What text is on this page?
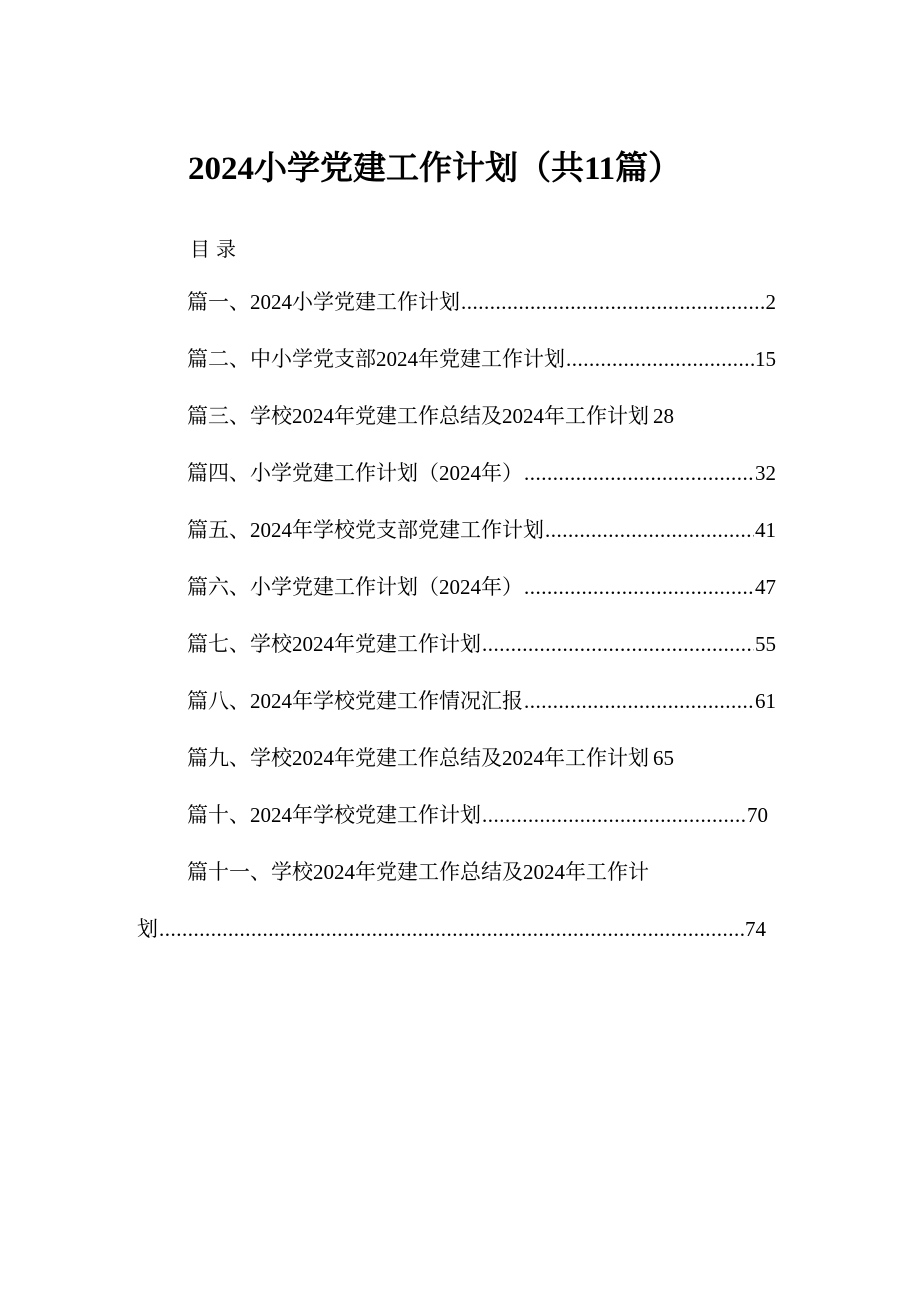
2024小学党建工作计划（共11篇）
目录
篇一、2024小学党建工作计划 .....	2
篇二、中小学党支部2024年党建工作计划 .....	15
篇三、学校2024年党建工作总结及2024年工作计划 28
篇四、小学党建工作计划（2024年） .....	32
篇五、2024年学校党支部党建工作计划 .....	41
篇六、小学党建工作计划（2024年） .....	47
篇七、学校2024年党建工作计划 .....	55
篇八、2024年学校党建工作情况汇报 .....	61
篇九、学校2024年党建工作总结及2024年工作计划 65
篇十、2024年学校党建工作计划 .....	70
篇十一、学校2024年党建工作总结及2024年工作计
划 .....	74
